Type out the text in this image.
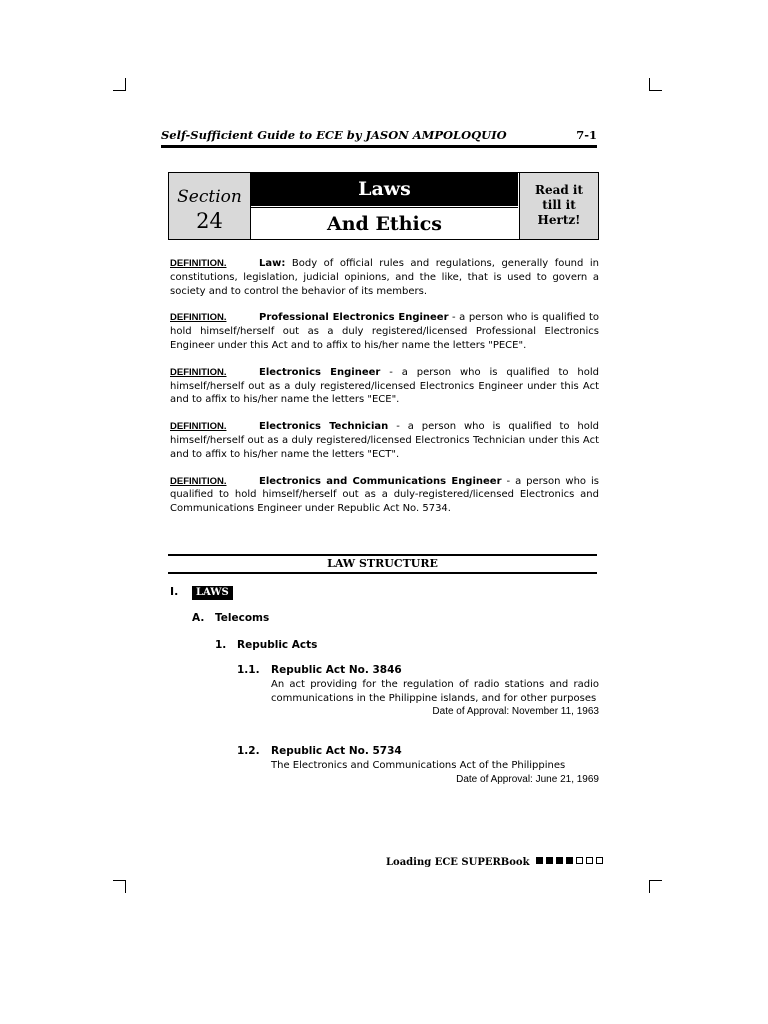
Self-Sufficient Guide to ECE by JASON AMPOLOQUIO	7-1
Section
24
Laws
And Ethics
Read it
till it
Hertz!

DEFINITION.	Law: Body of official rules and regulations, generally found in constitutions, legislation, judicial opinions, and the like, that is used to govern a society and to control the behavior of its members.

DEFINITION.	Professional Electronics Engineer - a person who is qualified to hold himself/herself out as a duly registered/licensed Professional Electronics Engineer under this Act and to affix to his/her name the letters "PECE".

DEFINITION.	Electronics Engineer - a person who is qualified to hold himself/herself out as a duly registered/licensed Electronics Engineer under this Act and to affix to his/her name the letters "ECE".

DEFINITION.	Electronics Technician - a person who is qualified to hold himself/herself out as a duly registered/licensed Electronics Technician under this Act and to affix to his/her name the letters "ECT".

DEFINITION.	Electronics and Communications Engineer - a person who is qualified to hold himself/herself out as a duly-registered/licensed Electronics and Communications Engineer under Republic Act No. 5734.

LAW STRUCTURE
I. LAWS
A. Telecoms
1. Republic Acts
1.1. Republic Act No. 3846
An act providing for the regulation of radio stations and radio communications in the Philippine islands, and for other purposes
Date of Approval: November 11, 1963
1.2. Republic Act No. 5734
The Electronics and Communications Act of the Philippines
Date of Approval: June 21, 1969
Loading ECE SUPERBook
